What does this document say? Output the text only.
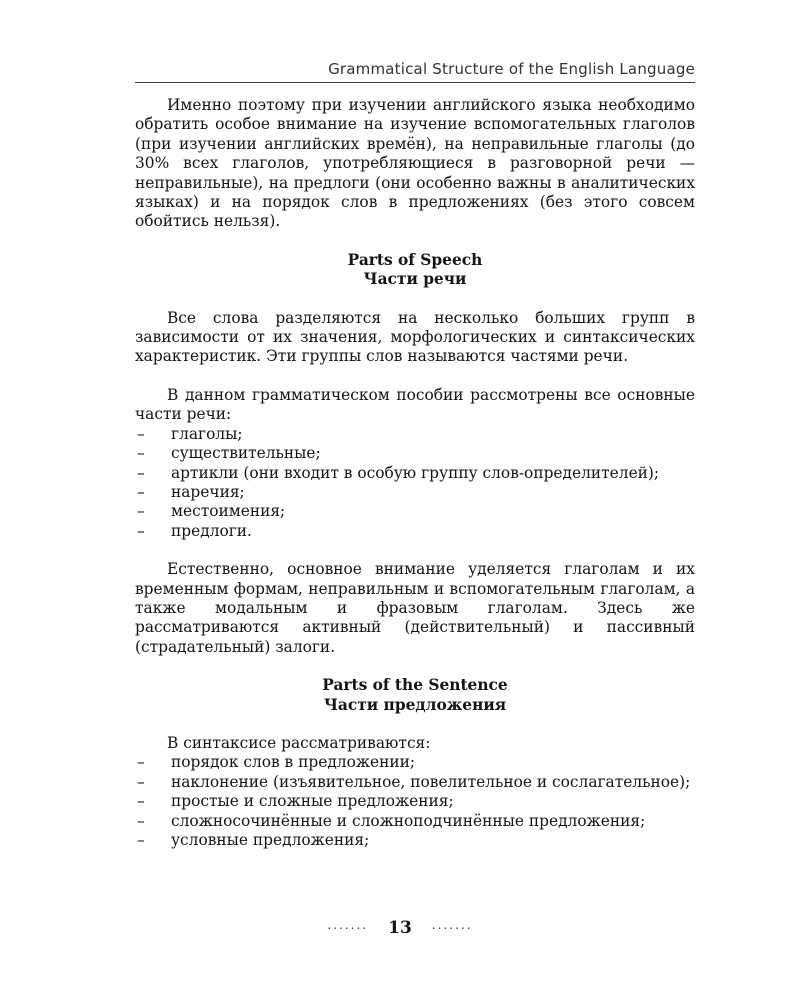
Grammatical Structure of the English Language

Именно поэтому при изучении английского языка необходимо обратить особое внимание на изучение вспомогательных глаголов (при изучении английских времён), на неправильные глаголы (до 30% всех глаголов, употребляющиеся в разговорной речи — неправильные), на предлоги (они особенно важны в аналитических языках) и на порядок слов в предложениях (без этого совсем обойтись нельзя).

Parts of Speech
Части речи

Все слова разделяются на несколько больших групп в зависимости от их значения, морфологических и синтаксических характеристик. Эти группы слов называются частями речи.

В данном грамматическом пособии рассмотрены все основные части речи:

– глаголы;
– существительные;
– артикли (они входит в особую группу слов-определителей);
– наречия;
– местоимения;
– предлоги.

Естественно, основное внимание уделяется глаголам и их временным формам, неправильным и вспомогательным глаголам, а также модальным и фразовым глаголам. Здесь же рассматриваются активный (действительный) и пассивный (страдательный) залоги.

Parts of the Sentence
Части предложения

В синтаксисе рассматриваются:

– порядок слов в предложении;
– наклонение (изъявительное, повелительное и сослагательное);
– простые и сложные предложения;
– сложносочинённые и сложноподчинённые предложения;
– условные предложения;
······· 13 ·······
